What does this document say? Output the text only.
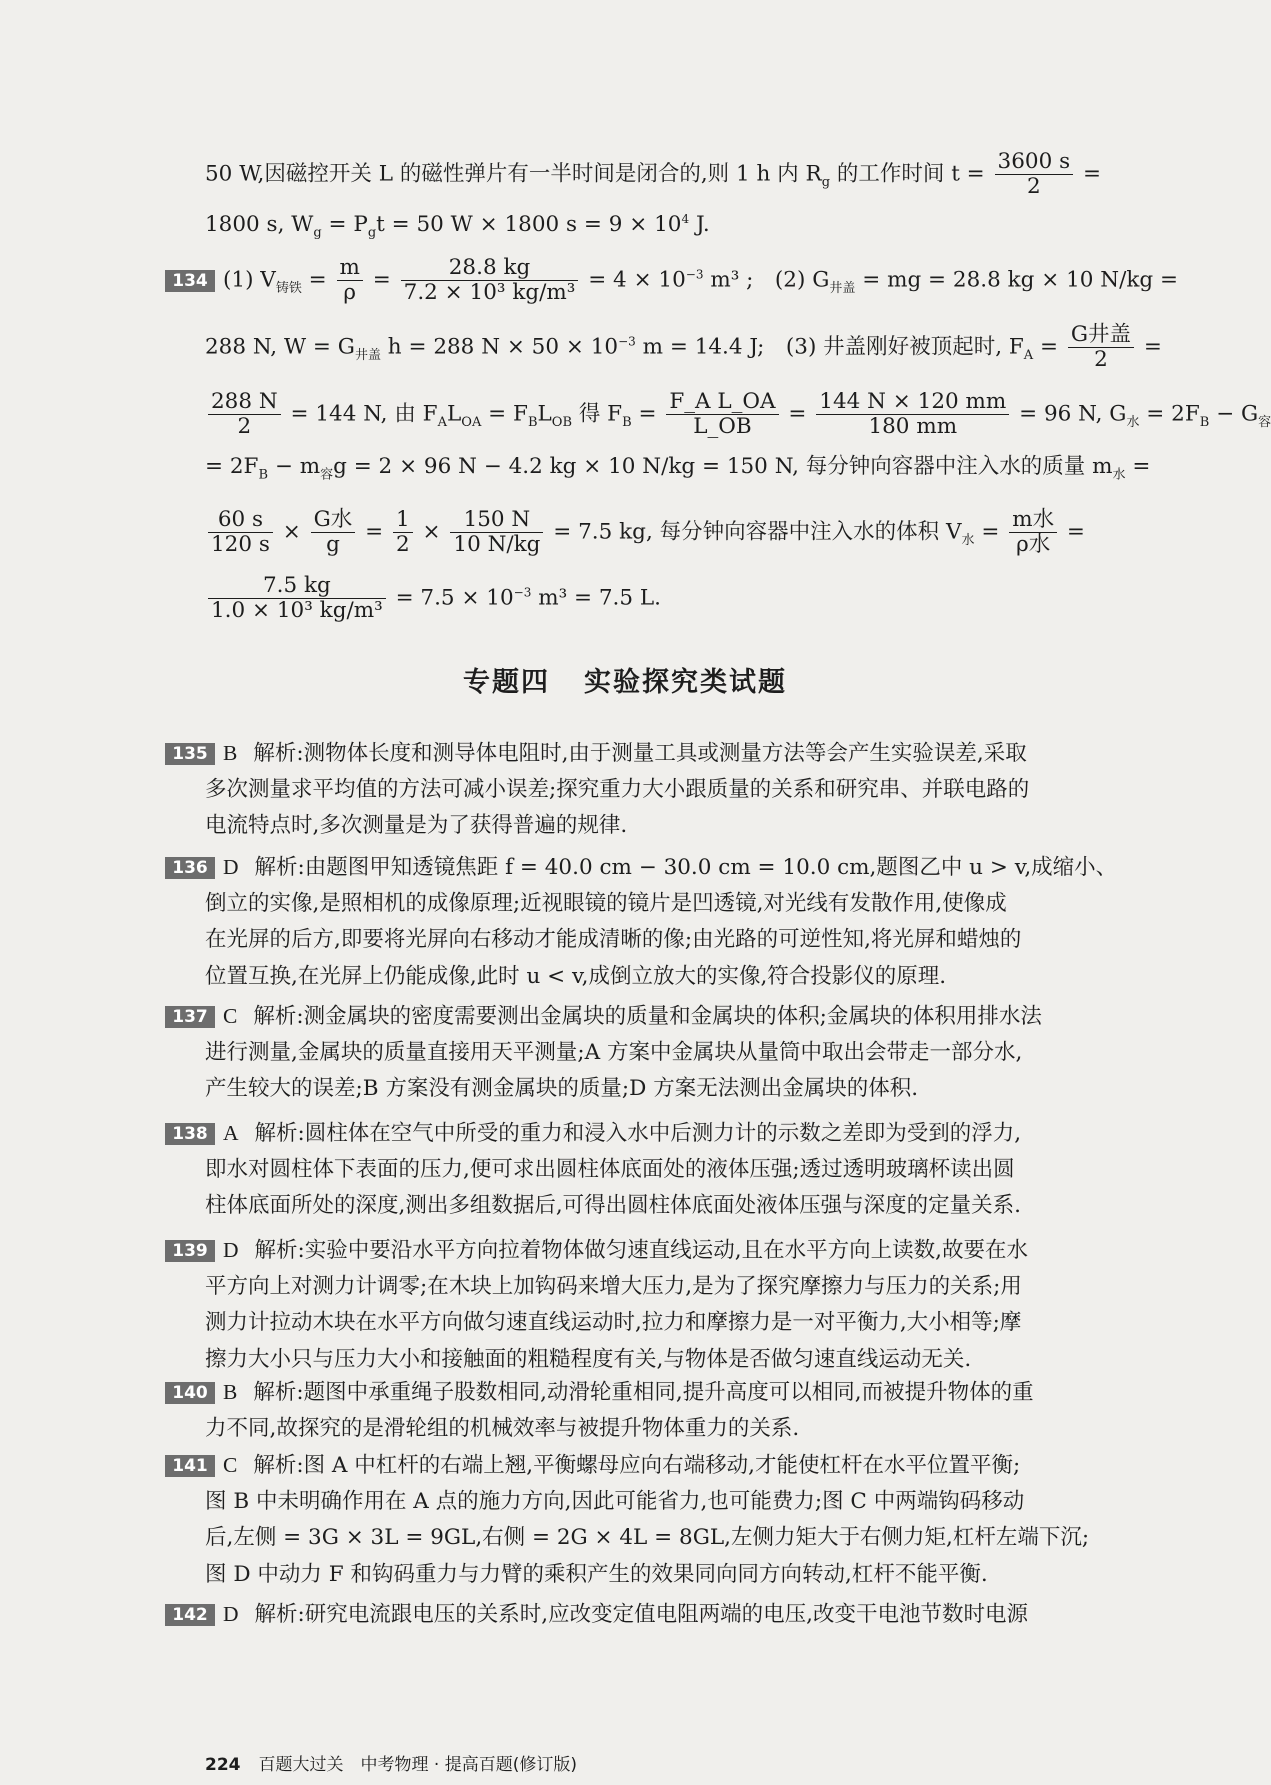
50 W,因磁控开关 L 的磁性弹片有一半时间是闭合的,则 1 h 内 $R_g$ 的工作时间 $t = \frac{3600 s}{2}$ =
1800 s, $W_g = P_gt = 50$ W × 1800 $s = 9 \times 10^4$ J.
134 (1) $V_{铸铁} = \frac{m}{\rho} = \frac{28.8 kg}{\text{7.2 × 10³ kg/m³}} = 4 \times 10^{-3}$ m³ ;　(2) $G_{井盖}$ = mg = 28.8 kg × 10 N/kg =
288 N, $W = G_{井盖}$ h = 288 $N \times 50 \times 10^{-3}$ m = 14.4 J;　(3) 井盖刚好被顶起时, $F_A = G$井盖
2	=
$\frac{288 N}{2} = 144$ N, 由 $F_AL_{OA} = F_BL_{OB}$ 得 $F_B = \frac{\text{F\_A L\_OA}}{L\_OB} = \frac{144 N \times 120 mm}{180 mm} = 96$ N, $G_水 = 2F_B - G_容$
= $2F_B - m_容g = 2 \times 96$ N − 4.2 kg × 10 N/kg = 150 N, 每分钟向容器中注入水的质量 $m_水$ =
$\frac{60 s}{120 s} \times G$水
$g = \frac{1}{2} \times \frac{150 N}{10 N/kg} = 7.5$ kg, 每分钟向容器中注入水的体积 $V_水 = m$水
ρ水 =
$\frac{7.5 kg}{\text{1.0 × 10³ kg/m³}} = 7.5 \times 10^{-3}$ m³ = 7.5 L.
专题四 实验探究类试题
135 B 解析:测物体长度和测导体电阻时,由于测量工具或测量方法等会产生实验误差,采取
多次测量求平均值的方法可减小误差;探究重力大小跟质量的关系和研究串、并联电路的
电流特点时,多次测量是为了获得普遍的规律.
136 D 解析:由题图甲知透镜焦距 f = 40.0 cm − 30.0 cm = 10.0 cm,题图乙中 u > v,成缩小、
倒立的实像,是照相机的成像原理;近视眼镜的镜片是凹透镜,对光线有发散作用,使像成
在光屏的后方,即要将光屏向右移动才能成清晰的像;由光路的可逆性知,将光屏和蜡烛的
位置互换,在光屏上仍能成像,此时 u < v,成倒立放大的实像,符合投影仪的原理.
137 C 解析:测金属块的密度需要测出金属块的质量和金属块的体积;金属块的体积用排水法
进行测量,金属块的质量直接用天平测量;A 方案中金属块从量筒中取出会带走一部分水,
产生较大的误差;B 方案没有测金属块的质量;D 方案无法测出金属块的体积.
138 A 解析:圆柱体在空气中所受的重力和浸入水中后测力计的示数之差即为受到的浮力,
即水对圆柱体下表面的压力,便可求出圆柱体底面处的液体压强;透过透明玻璃杯读出圆
柱体底面所处的深度,测出多组数据后,可得出圆柱体底面处液体压强与深度的定量关系.
139 D 解析:实验中要沿水平方向拉着物体做匀速直线运动,且在水平方向上读数,故要在水
平方向上对测力计调零;在木块上加钩码来增大压力,是为了探究摩擦力与压力的关系;用
测力计拉动木块在水平方向做匀速直线运动时,拉力和摩擦力是一对平衡力,大小相等;摩
擦力大小只与压力大小和接触面的粗糙程度有关,与物体是否做匀速直线运动无关.
140 B 解析:题图中承重绳子股数相同,动滑轮重相同,提升高度可以相同,而被提升物体的重
力不同,故探究的是滑轮组的机械效率与被提升物体重力的关系.
141 C 解析:图 A 中杠杆的右端上翘,平衡螺母应向右端移动,才能使杠杆在水平位置平衡;
图 B 中未明确作用在 A 点的施力方向,因此可能省力,也可能费力;图 C 中两端钩码移动
后,左侧 = 3G × 3L = 9GL,右侧 = 2G × 4L = 8GL,左侧力矩大于右侧力矩,杠杆左端下沉;
图 D 中动力 F 和钩码重力与力臂的乘积产生的效果同向同方向转动,杠杆不能平衡.
142 D 解析:研究电流跟电压的关系时,应改变定值电阻两端的电压,改变干电池节数时电源
224 百题大过关　中考物理 · 提高百题(修订版)
